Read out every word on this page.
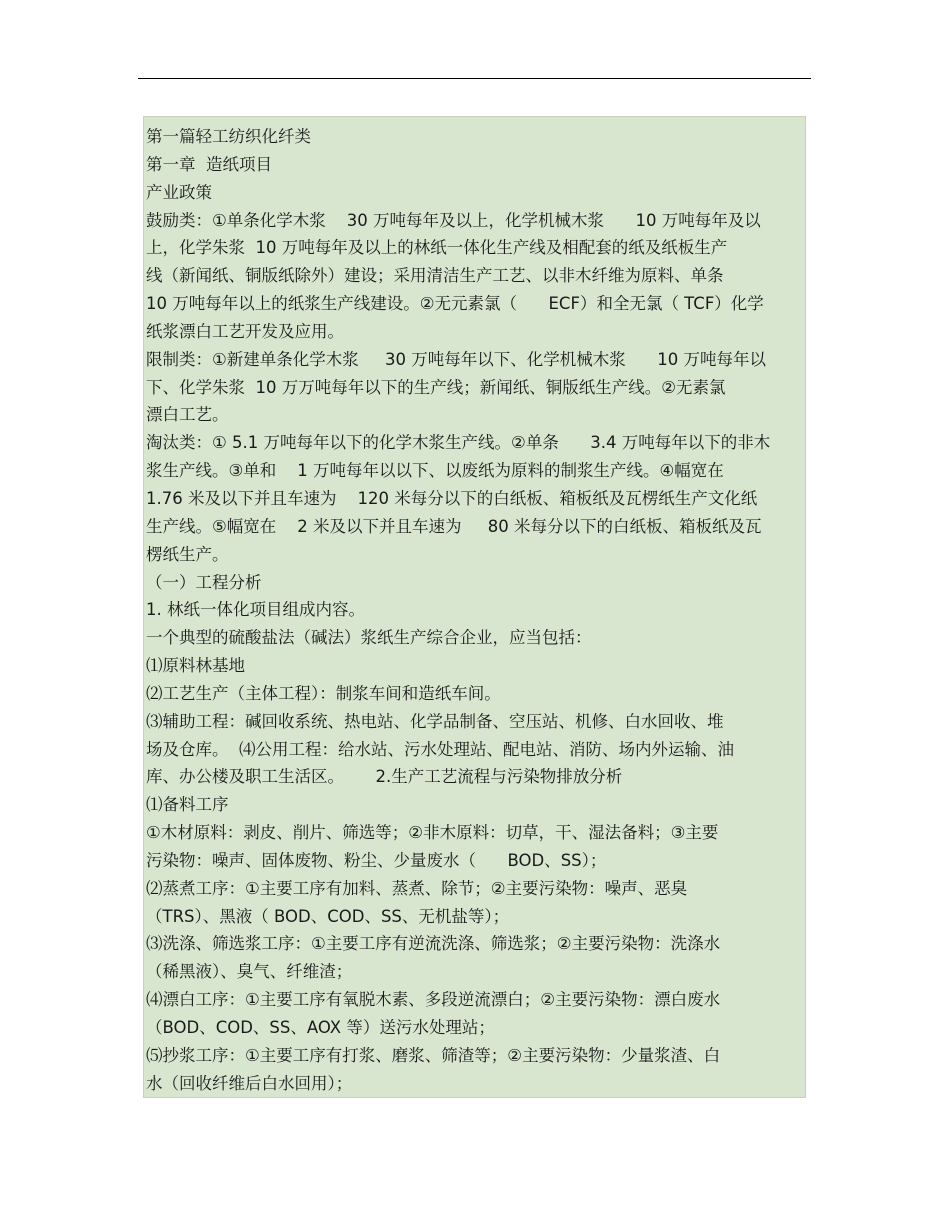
第一篇轻工纺织化纤类
第一章  造纸项目
产业政策
鼓励类：①单条化学木浆    30 万吨每年及以上，化学机械木浆      10 万吨每年及以
上，化学朱浆  10 万吨每年及以上的林纸一体化生产线及相配套的纸及纸板生产
线（新闻纸、铜版纸除外）建设；采用清洁生产工艺、以非木纤维为原料、单条
10 万吨每年以上的纸浆生产线建设。②无元素氯（      ECF）和全无氯（ TCF）化学
纸浆漂白工艺开发及应用。
限制类：①新建单条化学木浆     30 万吨每年以下、化学机械木浆      10 万吨每年以
下、化学朱浆  10 万万吨每年以下的生产线；新闻纸、铜版纸生产线。②无素氯
漂白工艺。
淘汰类：① 5.1 万吨每年以下的化学木浆生产线。②单条      3.4 万吨每年以下的非木
浆生产线。③单和    1 万吨每年以以下、以废纸为原料的制浆生产线。④幅宽在
1.76 米及以下并且车速为    120 米每分以下的白纸板、箱板纸及瓦楞纸生产文化纸
生产线。⑤幅宽在    2 米及以下并且车速为     80 米每分以下的白纸板、箱板纸及瓦
楞纸生产。
（一）工程分析
1. 林纸一体化项目组成内容。
一个典型的硫酸盐法（碱法）浆纸生产综合企业，应当包括：
⑴原料林基地
⑵工艺生产（主体工程）：制浆车间和造纸车间。
⑶辅助工程：碱回收系统、热电站、化学品制备、空压站、机修、白水回收、堆
场及仓库。  ⑷公用工程：给水站、污水处理站、配电站、消防、场内外运输、油
库、办公楼及职工生活区。      2.生产工艺流程与污染物排放分析
⑴备料工序
①木材原料：剥皮、削片、筛选等；②非木原料：切草，干、湿法备料；③主要
污染物：噪声、固体废物、粉尘、少量废水（      BOD、SS）；
⑵蒸煮工序：①主要工序有加料、蒸煮、除节；②主要污染物：噪声、恶臭
（TRS）、黑液（ BOD、COD、SS、无机盐等）；
⑶洗涤、筛选浆工序：①主要工序有逆流洗涤、筛选浆；②主要污染物：洗涤水
（稀黑液）、臭气、纤维渣；
⑷漂白工序：①主要工序有氧脱木素、多段逆流漂白；②主要污染物：漂白废水
（BOD、COD、SS、AOX 等）送污水处理站；
⑸抄浆工序：①主要工序有打浆、磨浆、筛渣等；②主要污染物：少量浆渣、白
水（回收纤维后白水回用）；
